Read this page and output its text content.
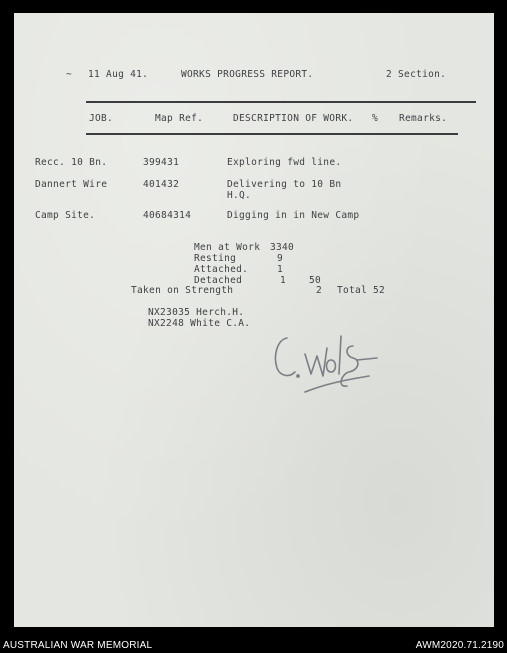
~ 11 Aug 41.	WORKS PROGRESS REPORT.	2 Section.
JOB.	Map Ref.	DESCRIPTION OF WORK. % Remarks.
Recc. 10 Bn.	399431	Exploring fwd line.
Dannert Wire	401432	Delivering to 10 Bn
H.Q.
Camp Site.	40684314	Digging in in New Camp
Men at Work 3340
Resting	9
Attached.	1
Detached	1 50
Taken on Strength	2 Total 52
NX23035 Herch.H.
NX2248 White C.A.
AUSTRALIAN WAR MEMORIAL	AWM2020.71.2190
